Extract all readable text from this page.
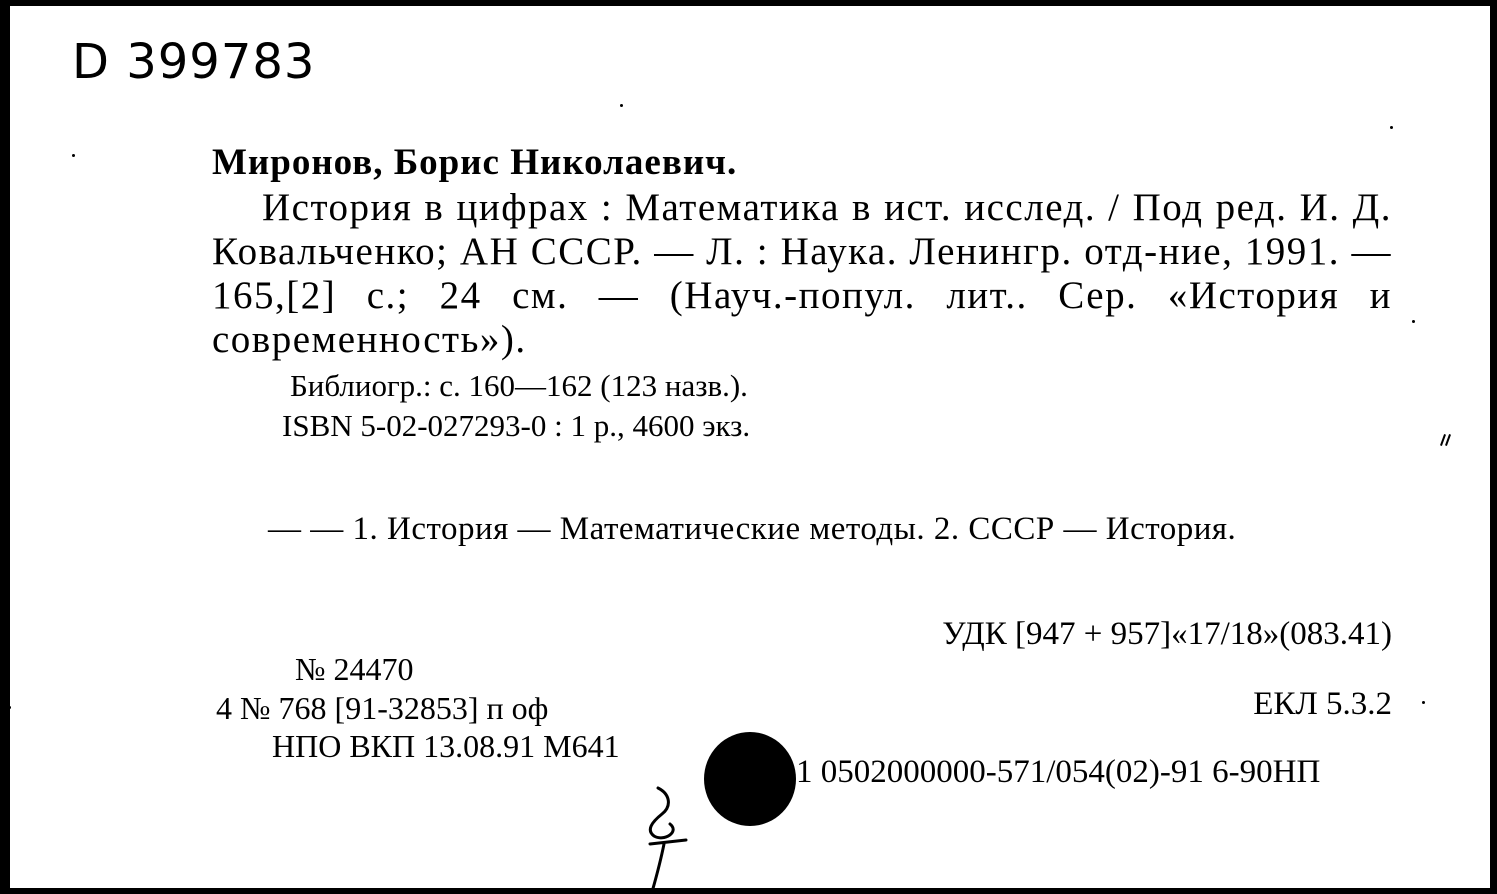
D 399783
Миронов, Борис Николаевич.
История в цифрах : Математика в ист. исслед. / Под ред. И. Д. Ковальченко; АН СССР. — Л. : Наука. Ленингр. отд-ние, 1991. — 165,[2] с.; 24 см. — (Науч.-попул. лит.. Сер. «История и современность»).
Библиогр.: с. 160—162 (123 назв.).
ISBN 5-02-027293-0 : 1 р., 4600 экз.
— — 1. История — Математические методы. 2. СССР — История.
УДК [947 + 957]«17/18»(083.41)
№ 24470
4 № 768 [91-32853] п оф	ЕКЛ 5.3.2
НПО ВКП 13.08.91 М641
1 0502000000-571/054(02)-91 6-90НП
